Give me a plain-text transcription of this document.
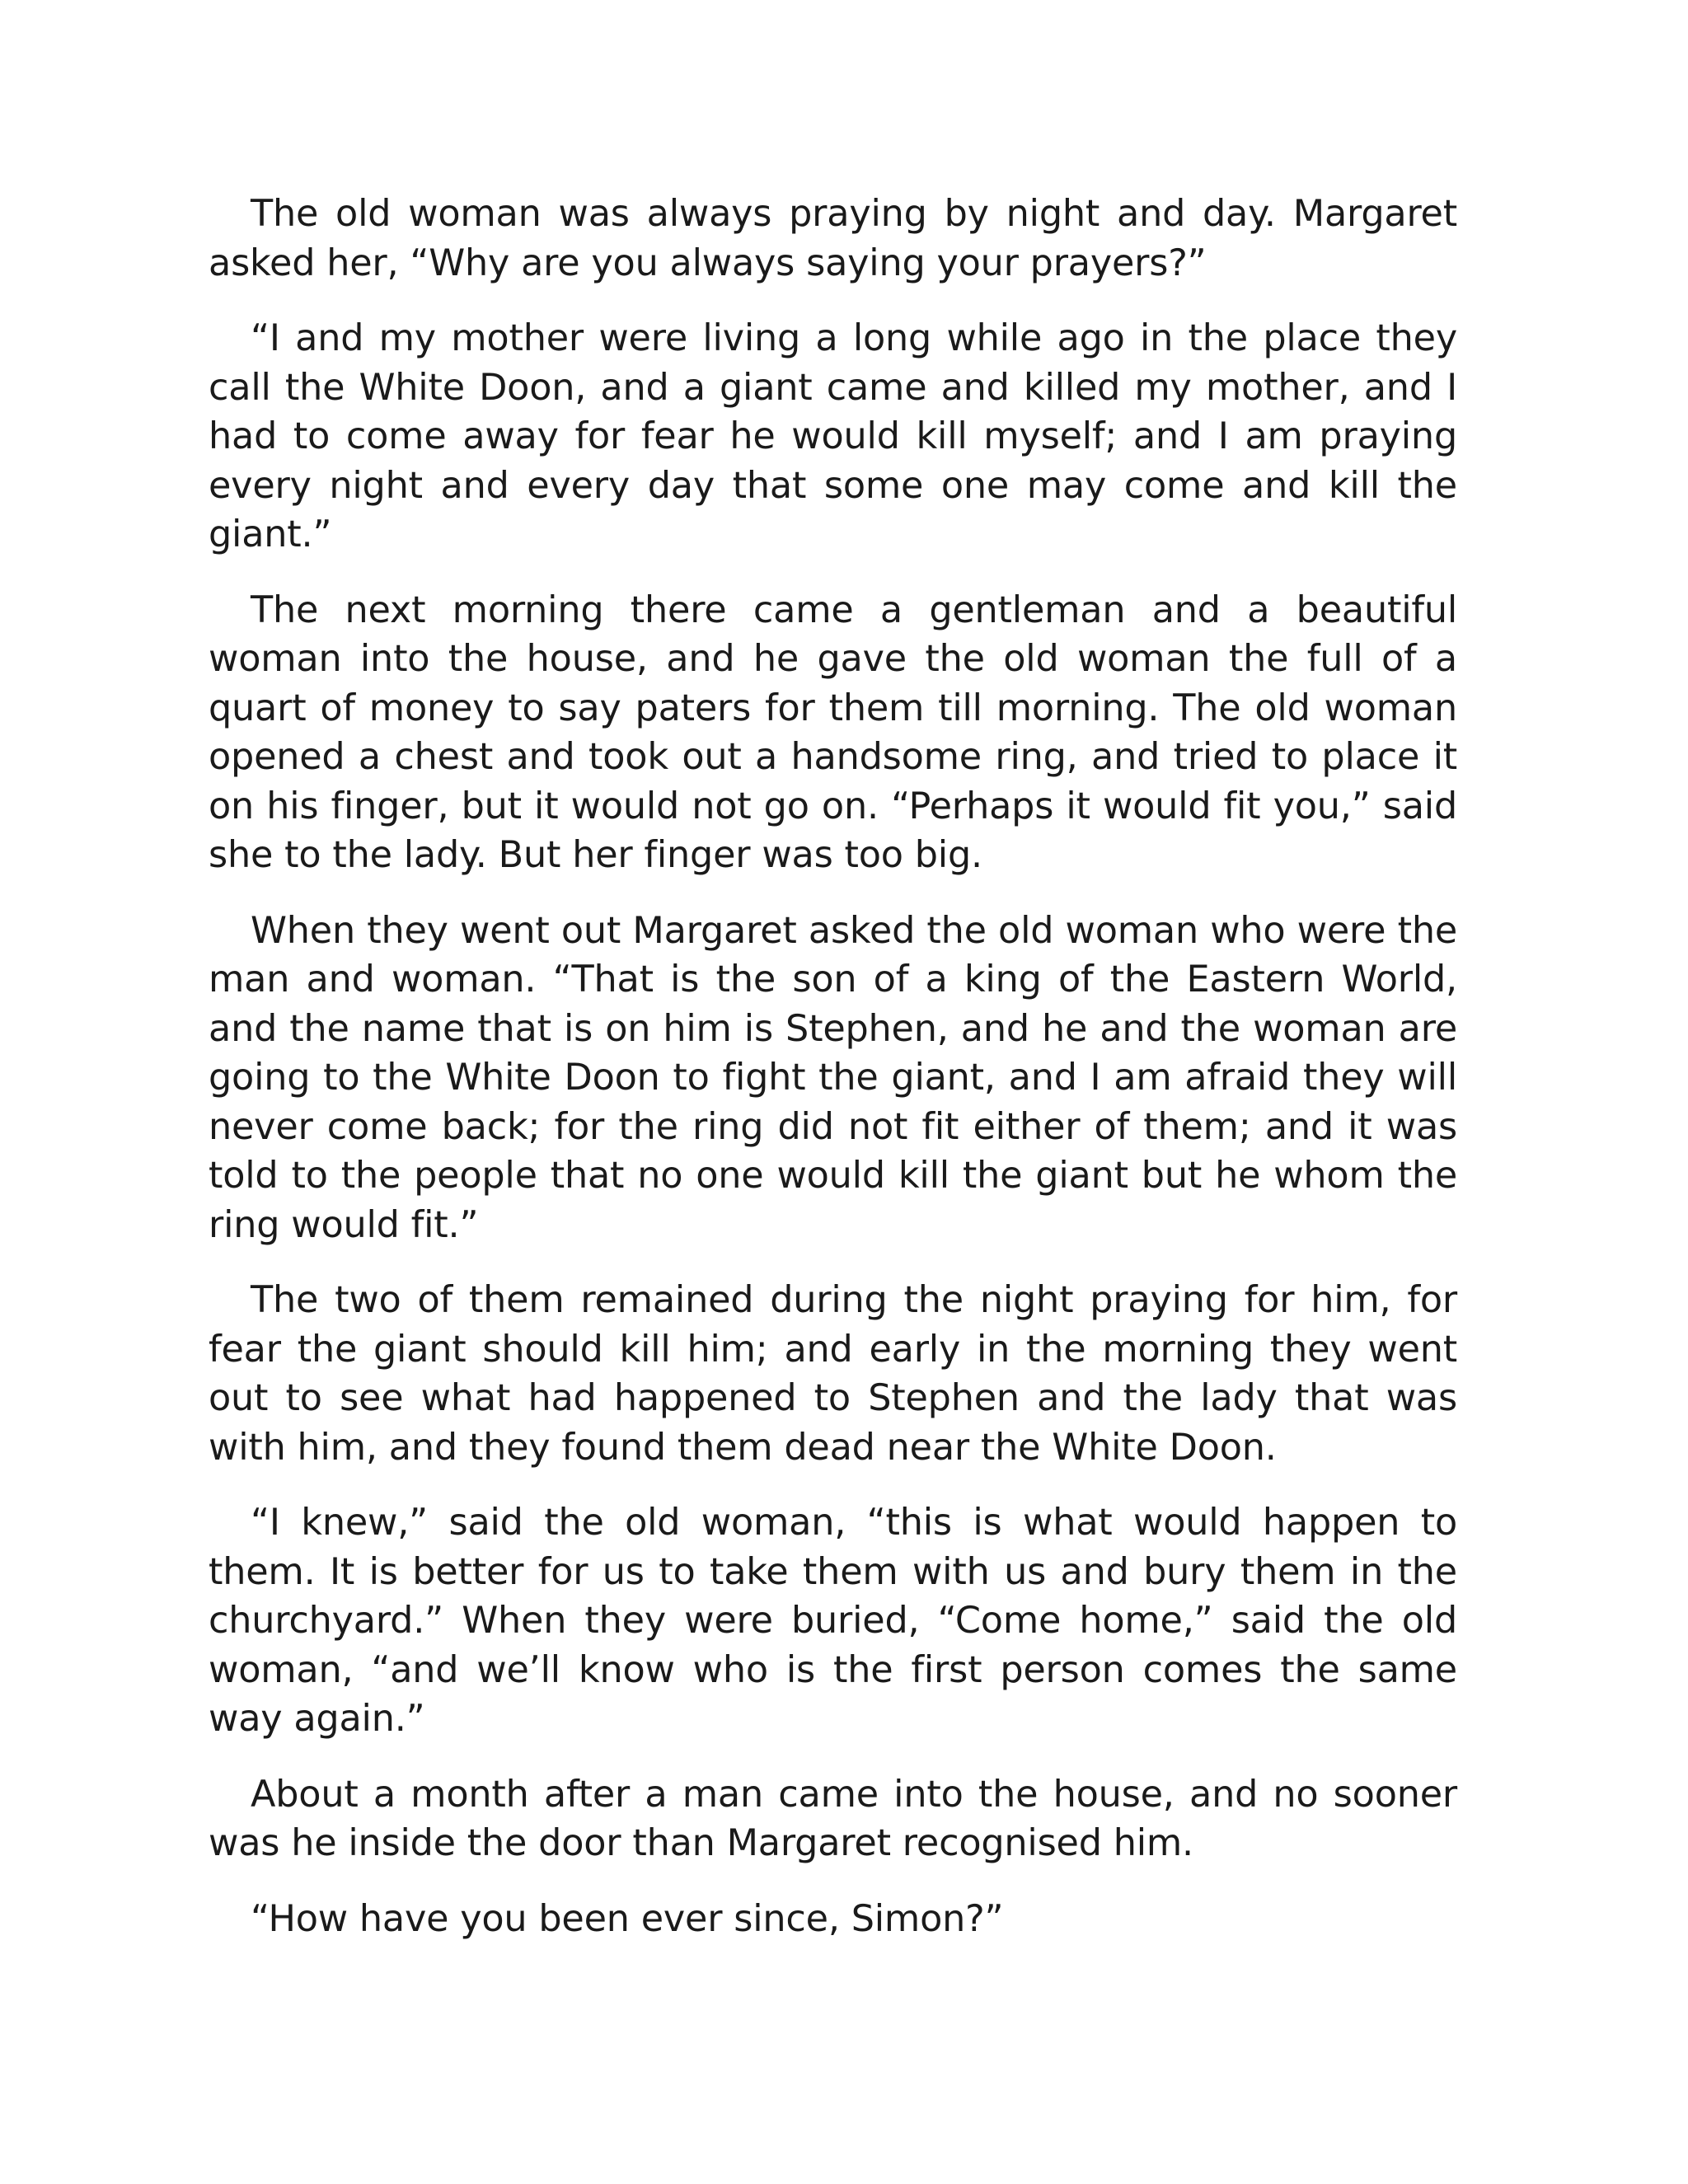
The old woman was always praying by night and day. Margaret asked her, “Why are you always saying your prayers?”

“I and my mother were living a long while ago in the place they call the White Doon, and a giant came and killed my mother, and I had to come away for fear he would kill myself; and I am praying every night and every day that some one may come and kill the giant.”

The next morning there came a gentleman and a beautiful woman into the house, and he gave the old woman the full of a quart of money to say paters for them till morning. The old woman opened a chest and took out a handsome ring, and tried to place it on his finger, but it would not go on. “Perhaps it would fit you,” said she to the lady. But her finger was too big.

When they went out Margaret asked the old woman who were the man and woman. “That is the son of a king of the Eastern World, and the name that is on him is Stephen, and he and the woman are going to the White Doon to fight the giant, and I am afraid they will never come back; for the ring did not fit either of them; and it was told to the people that no one would kill the giant but he whom the ring would fit.”

The two of them remained during the night praying for him, for fear the giant should kill him; and early in the morning they went out to see what had happened to Stephen and the lady that was with him, and they found them dead near the White Doon.

“I knew,” said the old woman, “this is what would happen to them. It is better for us to take them with us and bury them in the churchyard.” When they were buried, “Come home,” said the old woman, “and we’ll know who is the first person comes the same way again.”

About a month after a man came into the house, and no sooner was he inside the door than Margaret recognised him.

“How have you been ever since, Simon?”
